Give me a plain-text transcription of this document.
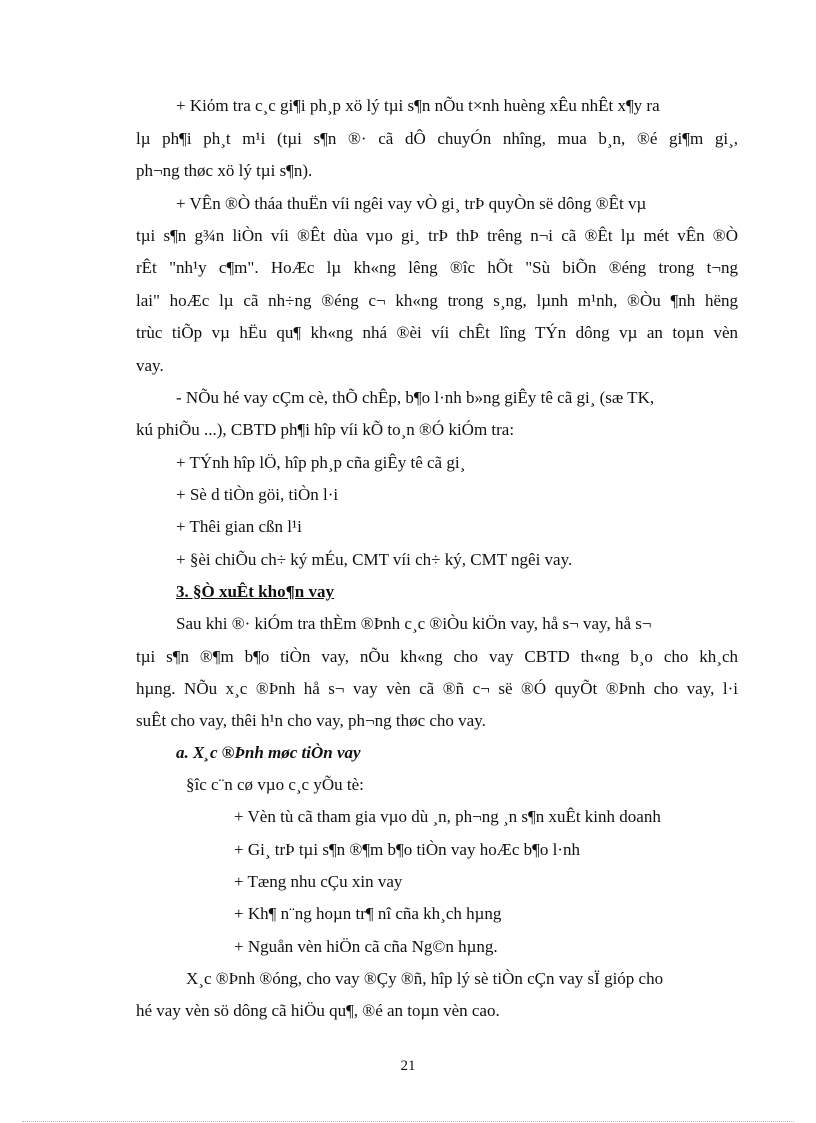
+ Kiόm tra c¸c gi¶i ph¸p xö lý tµi s¶n nÕu t×nh huèng xÊu nhÊt x¶y ra
lµ ph¶i ph¸t m¹i (tµi s¶n ®· cã dÔ chuyÓn nhîng, mua b¸n, ®é gi¶m gi¸,
ph¬ng thøc xö lý tµi s¶n).
+ VÊn ®Ò tháa thuËn víi ngêi vay vÒ gi¸ trÞ quyÒn së dông ®Êt vµ
tµi s¶n g¾n liÒn víi ®Êt dùa vµo gi¸ trÞ thÞ trêng n¬i cã ®Êt lµ mét vÊn ®Ò
rÊt "nh¹y c¶m". HoÆc lµ kh«ng lêng ®îc hÕt "Sù biÕn ®éng trong t¬ng
lai" hoÆc lµ cã nh÷ng ®éng c¬ kh«ng trong s¸ng, lµnh m¹nh, ®Òu ¶nh hëng
trùc tiÕp vµ hËu qu¶ kh«ng nhá ®èi víi chÊt lîng TÝn dông vµ an toµn vèn
vay.
- NÕu hé vay cÇm cè, thÕ chÊp, b¶o l·nh b»ng giÊy tê cã gi¸ (sæ TK,
kú phiÕu ...), CBTD ph¶i hîp víi kÕ to¸n ®Ó kiÓm tra:
+ TÝnh hîp lÖ, hîp ph¸p cña giÊy tê cã gi¸
+ Sè d tiÒn göi, tiÒn l·i
+ Thêi gian cßn l¹i
+ §èi chiÕu ch÷ ký mÉu, CMT víi ch÷ ký, CMT ngêi vay.
3. §Ò xuÊt kho¶n vay
Sau khi ®· kiÓm tra thÈm ®Þnh c¸c ®iÒu kiÖn vay, hå s¬ vay, hå s¬
tµi s¶n ®¶m b¶o tiÒn vay, nÕu kh«ng cho vay CBTD th«ng b¸o cho kh¸ch
hµng. NÕu x¸c ®Þnh hå s¬ vay vèn cã ®ñ c¬ së ®Ó quyÕt ®Þnh cho vay, l·i
suÊt cho vay, thêi h¹n cho vay, ph¬ng thøc cho vay.
a. X¸c ®Þnh møc tiÒn vay
§îc c¨n cø vµo c¸c yÕu tè:
+ Vèn tù cã tham gia vµo dù ¸n, ph¬ng ¸n s¶n xuÊt kinh doanh
+ Gi¸ trÞ tµi s¶n ®¶m b¶o tiÒn vay hoÆc b¶o l·nh
+ Tæng nhu cÇu xin vay
+ Kh¶ n¨ng hoµn tr¶ nî cña kh¸ch hµng
+ Nguån vèn hiÖn cã cña Ng©n hµng.
X¸c ®Þnh ®óng, cho vay ®Çy ®ñ, hîp lý sè tiÒn cÇn vay sÏ gióp cho
hé vay vèn sö dông cã hiÖu qu¶, ®é an toµn vèn cao.
21
